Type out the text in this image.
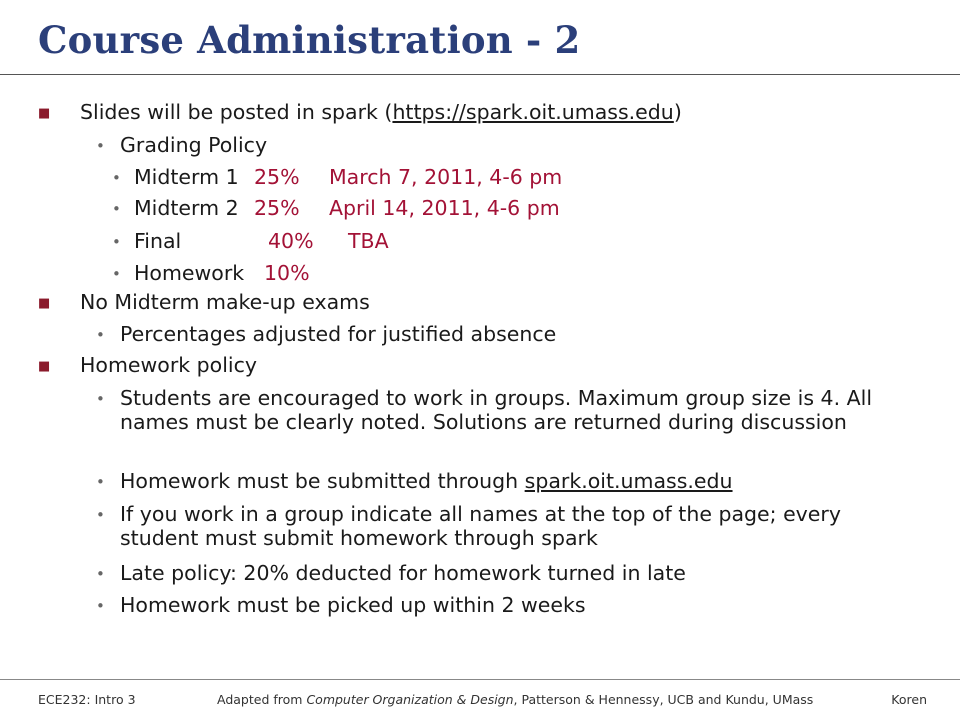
Course Administration - 2
■ Slides will be posted in spark (https://spark.oit.umass.edu)
• Grading Policy
• Midterm 1 25% March 7, 2011, 4-6 pm
• Midterm 2 25% April 14, 2011, 4-6 pm
• Final	40% TBA
• Homework 10%
■ No Midterm make-up exams
• Percentages adjusted for justified absence
■ Homework policy
• Students are encouraged to work in groups. Maximum group size is 4. All names must be clearly noted. Solutions are returned during discussion
• Homework must be submitted through spark.oit.umass.edu
• If you work in a group indicate all names at the top of the page; every student must submit homework through spark
• Late policy: 20% deducted for homework turned in late
• Homework must be picked up within 2 weeks
ECE232: Intro 3	Adapted from Computer Organization & Design, Patterson & Hennessy, UCB and Kundu, UMass	Koren
